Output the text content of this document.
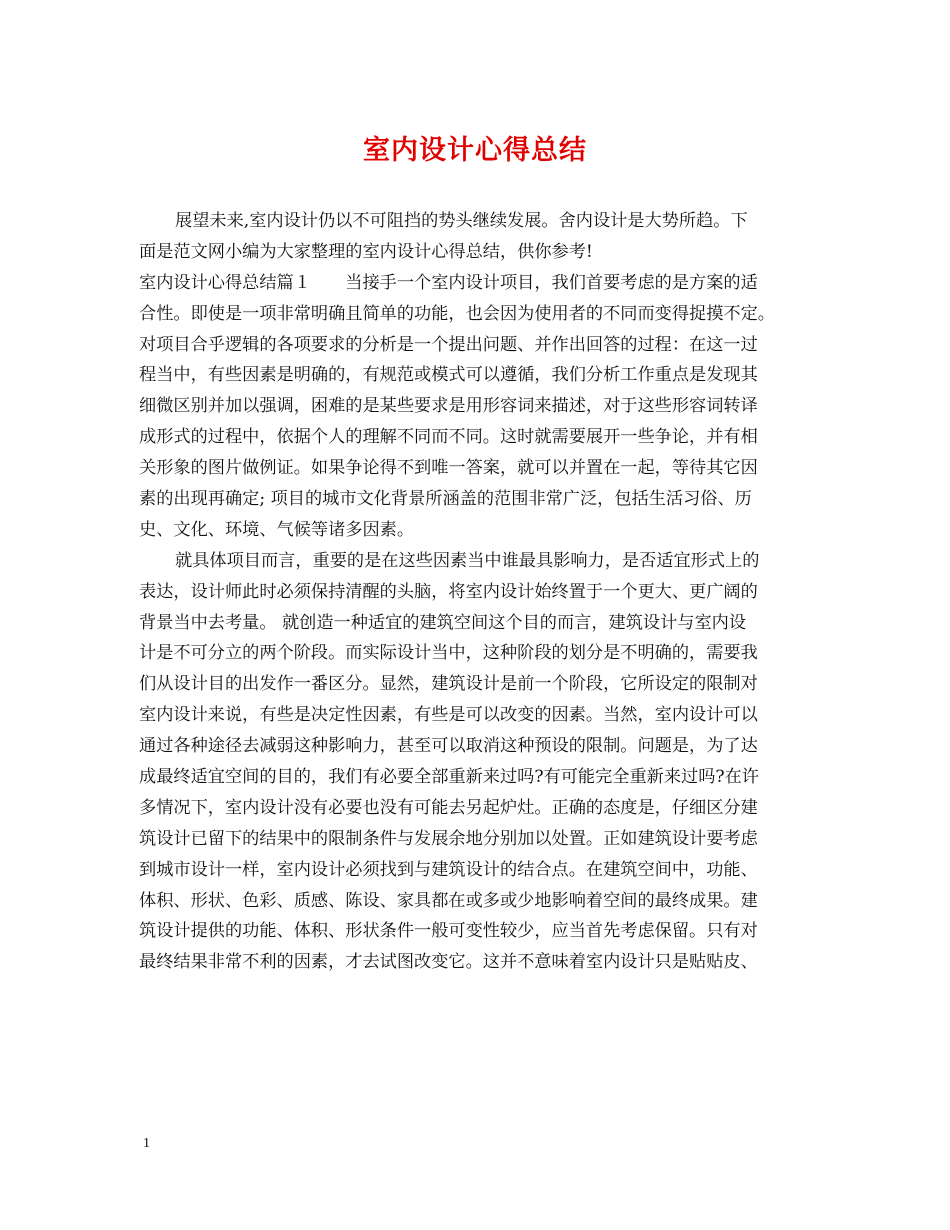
室内设计心得总结
展望未来,室内设计仍以不可阻挡的势头继续发展。舍内设计是大势所趋。下
面是范文网小编为大家整理的室内设计心得总结，供你参考!
室内设计心得总结篇１　　当接手一个室内设计项目，我们首要考虑的是方案的适
合性。即使是一项非常明确且简单的功能，也会因为使用者的不同而变得捉摸不定。
对项目合乎逻辑的各项要求的分析是一个提出问题、并作出回答的过程：在这一过
程当中，有些因素是明确的，有规范或模式可以遵循，我们分析工作重点是发现其
细微区别并加以强调，困难的是某些要求是用形容词来描述，对于这些形容词转译
成形式的过程中，依据个人的理解不同而不同。这时就需要展开一些争论，并有相
关形象的图片做例证。如果争论得不到唯一答案，就可以并置在一起，等待其它因
素的出现再确定; 项目的城市文化背景所涵盖的范围非常广泛，包括生活习俗、历
史、文化、环境、气候等诸多因素。
就具体项目而言，重要的是在这些因素当中谁最具影响力，是否适宜形式上的
表达，设计师此时必须保持清醒的头脑，将室内设计始终置于一个更大、更广阔的
背景当中去考量。 就创造一种适宜的建筑空间这个目的而言，建筑设计与室内设
计是不可分立的两个阶段。而实际设计当中，这种阶段的划分是不明确的，需要我
们从设计目的出发作一番区分。显然，建筑设计是前一个阶段，它所设定的限制对
室内设计来说，有些是决定性因素，有些是可以改变的因素。当然，室内设计可以
通过各种途径去减弱这种影响力，甚至可以取消这种预设的限制。问题是，为了达
成最终适宜空间的目的，我们有必要全部重新来过吗?有可能完全重新来过吗?在许
多情况下，室内设计没有必要也没有可能去另起炉灶。正确的态度是，仔细区分建
筑设计已留下的结果中的限制条件与发展余地分别加以处置。正如建筑设计要考虑
到城市设计一样，室内设计必须找到与建筑设计的结合点。在建筑空间中，功能、
体积、形状、色彩、质感、陈设、家具都在或多或少地影响着空间的最终成果。建
筑设计提供的功能、体积、形状条件一般可变性较少，应当首先考虑保留。只有对
最终结果非常不利的因素，才去试图改变它。这并不意味着室内设计只是贴贴皮、
1
